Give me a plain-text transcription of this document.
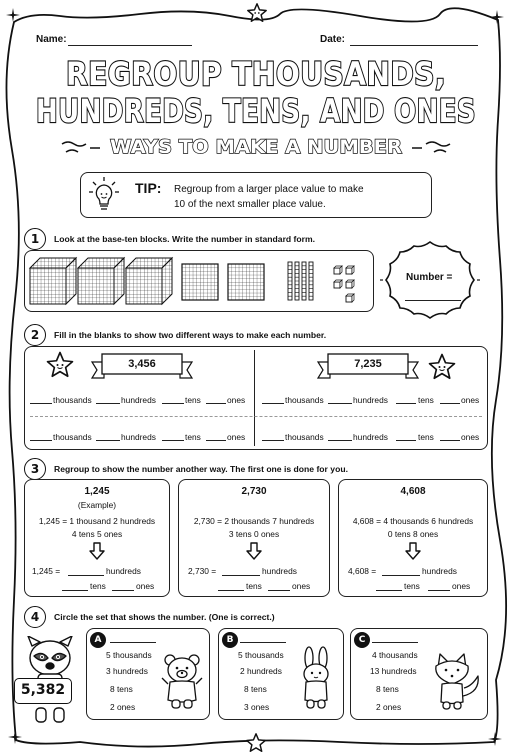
Name:	Date:
REGROUP THOUSANDS,
HUNDREDS, TENS, AND ONES
WAYS TO MAKE A NUMBER
TIP: Regroup from a larger place value to make
10 of the next smaller place value.
1	Look at the base-ten blocks. Write the number in standard form.
Number =
2	Fill in the blanks to show two different ways to make each number.
3,456	7,235
thousands	hundreds	tens	ones
thousands	hundreds	tens	ones
thousands	hundreds	tens	ones
thousands	hundreds	tens	ones
3	Regroup to show the number another way. The first one is done for you.
1,245
(Example)
1,245 = 1 thousand 2 hundreds
4 tens 5 ones
1,245 =	hundreds
tens	ones
2,730
2,730 = 2 thousands 7 hundreds
3 tens 0 ones
2,730 =	hundreds
tens	ones
4,608
4,608 = 4 thousands 6 hundreds
0 tens 8 ones
4,608 =	hundreds
tens	ones
4	Circle the set that shows the number. (One is correct.)
5,382
A
5 thousands
3 hundreds
8 tens
2 ones
B
5 thousands
2 hundreds
8 tens
3 ones
C
4 thousands
13 hundreds
8 tens
2 ones
